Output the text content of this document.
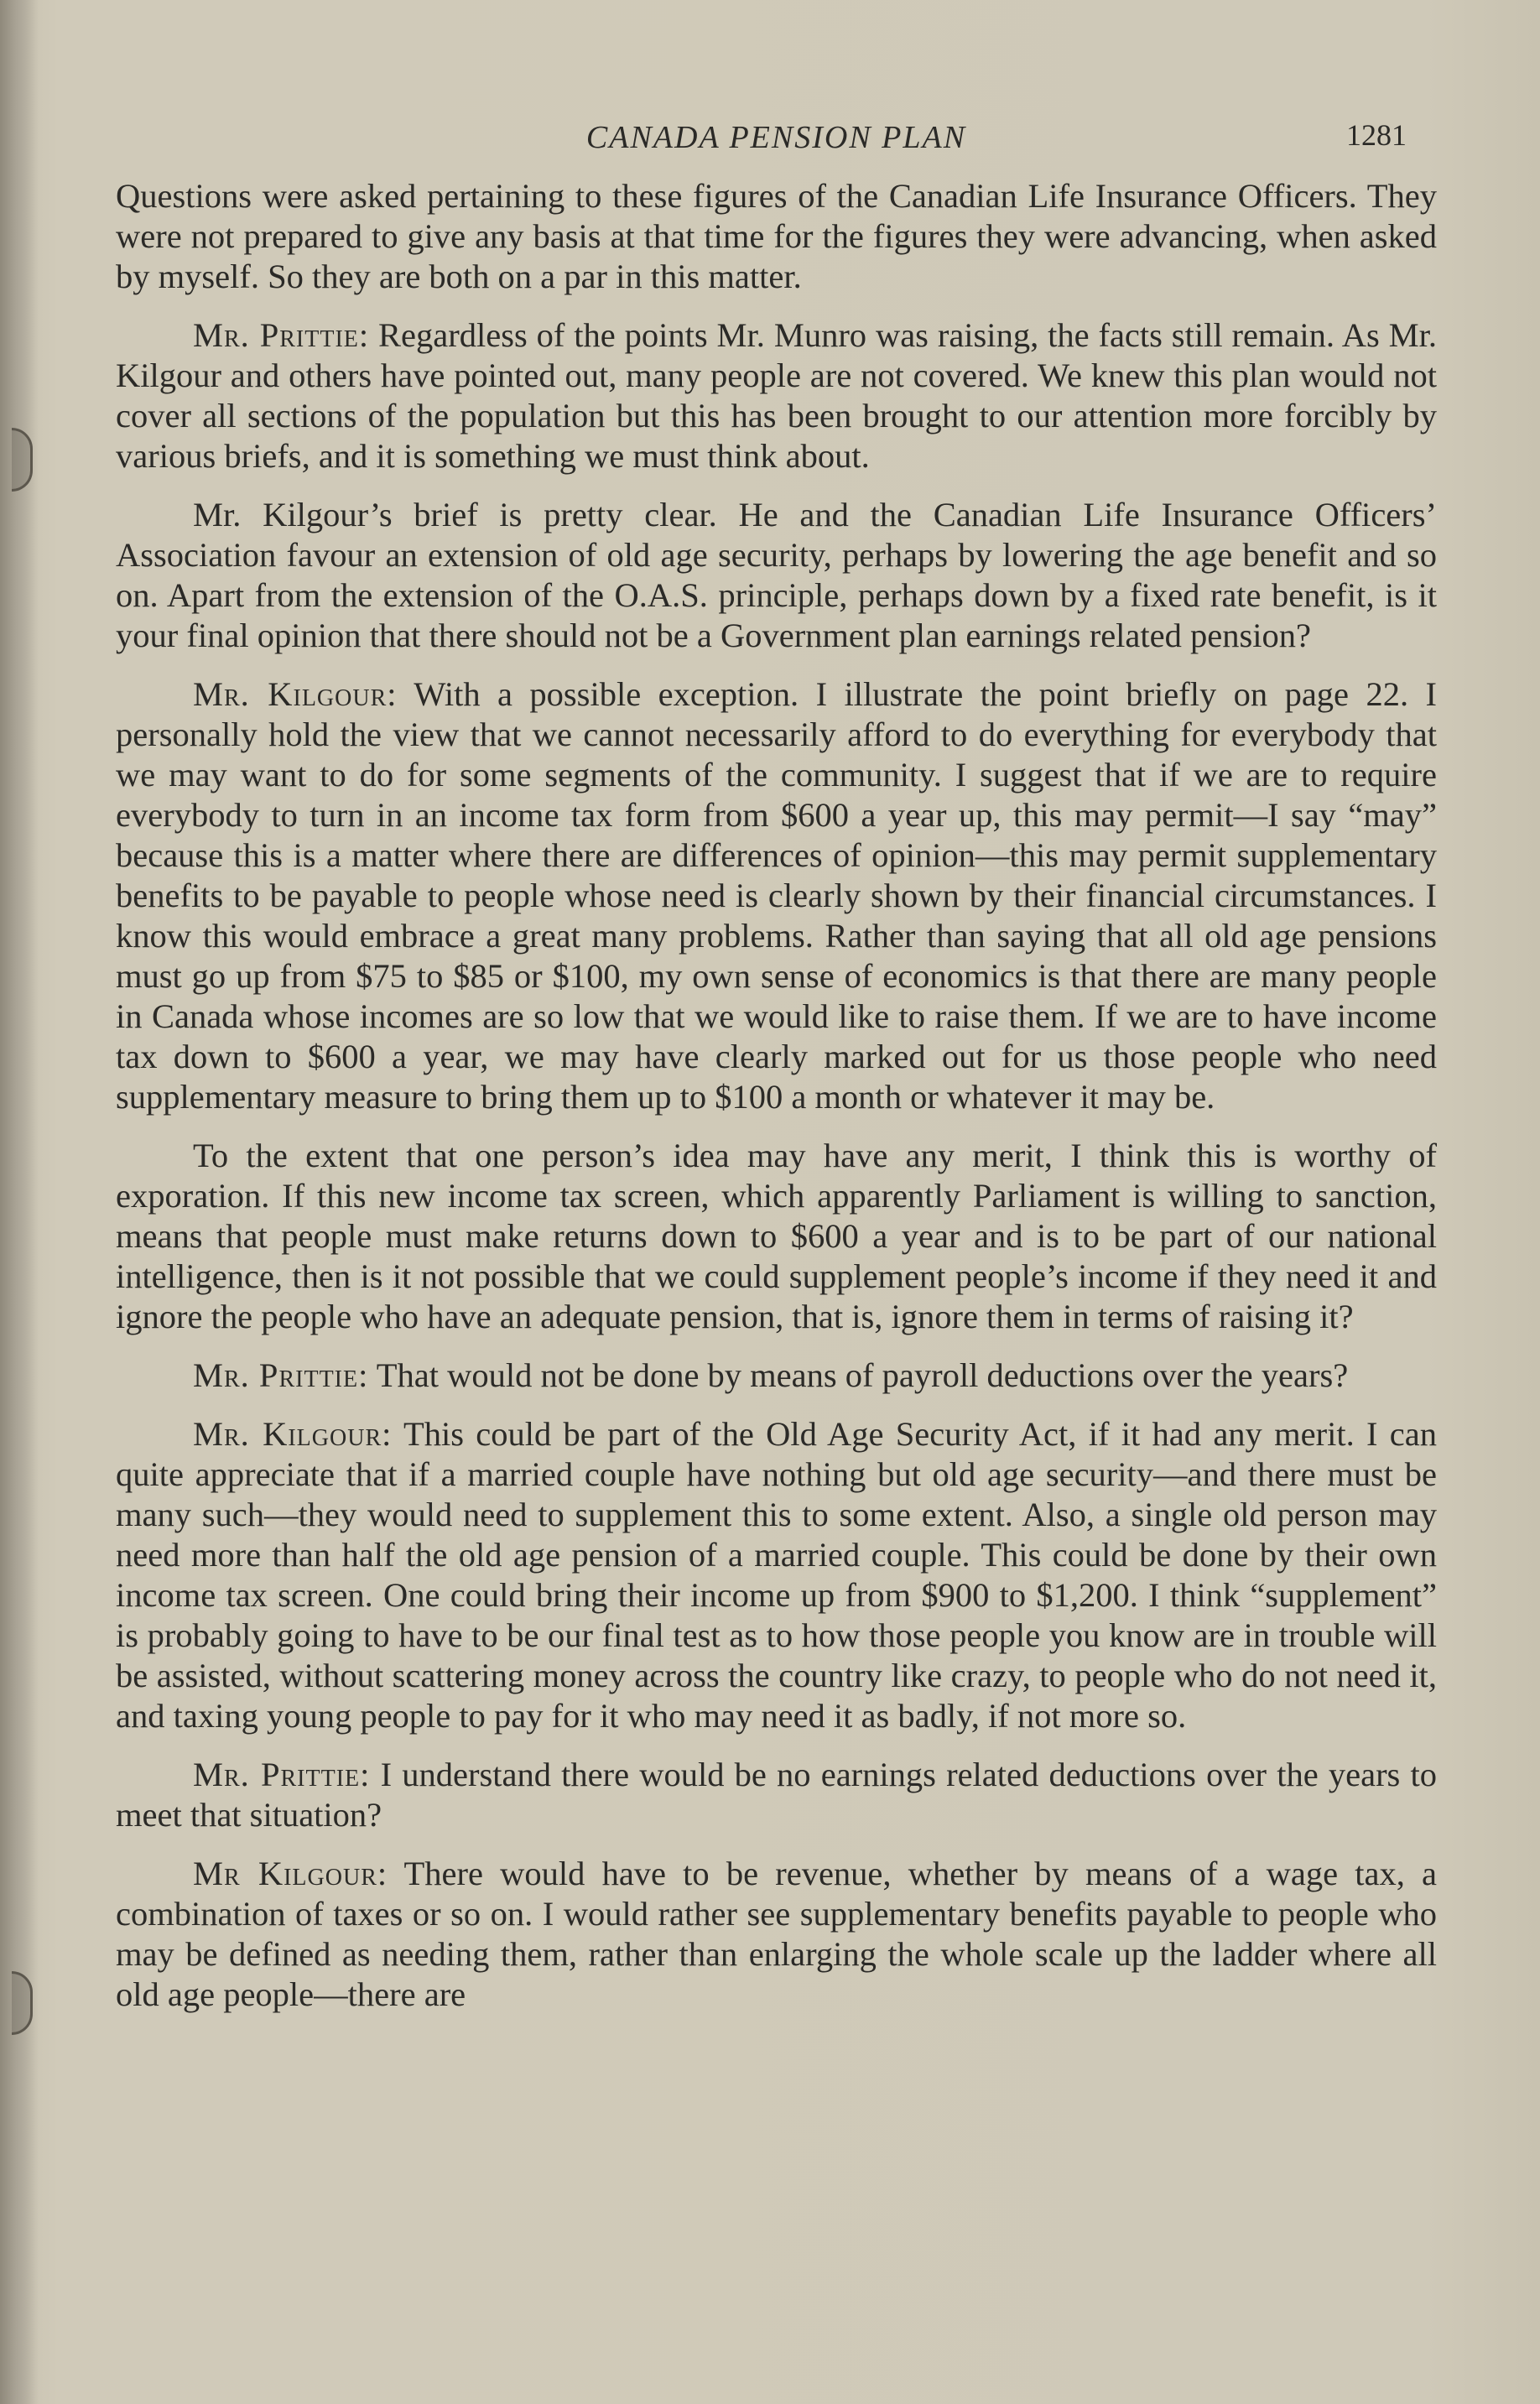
CANADA PENSION PLAN	1281

Questions were asked pertaining to these figures of the Canadian Life Insurance Officers. They were not prepared to give any basis at that time for the figures they were advancing, when asked by myself. So they are both on a par in this matter.

Mr. Prittie: Regardless of the points Mr. Munro was raising, the facts still remain. As Mr. Kilgour and others have pointed out, many people are not covered. We knew this plan would not cover all sections of the population but this has been brought to our attention more forcibly by various briefs, and it is something we must think about.

Mr. Kilgour’s brief is pretty clear. He and the Canadian Life Insurance Officers’ Association favour an extension of old age security, perhaps by lowering the age benefit and so on. Apart from the extension of the O.A.S. principle, perhaps down by a fixed rate benefit, is it your final opinion that there should not be a Government plan earnings related pension?

Mr. Kilgour: With a possible exception. I illustrate the point briefly on page 22. I personally hold the view that we cannot necessarily afford to do everything for everybody that we may want to do for some segments of the community. I suggest that if we are to require everybody to turn in an income tax form from $600 a year up, this may permit—I say “may” because this is a matter where there are differences of opinion—this may permit supplementary benefits to be payable to people whose need is clearly shown by their financial circumstances. I know this would embrace a great many problems. Rather than saying that all old age pensions must go up from $75 to $85 or $100, my own sense of economics is that there are many people in Canada whose incomes are so low that we would like to raise them. If we are to have income tax down to $600 a year, we may have clearly marked out for us those people who need supplementary measure to bring them up to $100 a month or whatever it may be.

To the extent that one person’s idea may have any merit, I think this is worthy of exporation. If this new income tax screen, which apparently Parliament is willing to sanction, means that people must make returns down to $600 a year and is to be part of our national intelligence, then is it not possible that we could supplement people’s income if they need it and ignore the people who have an adequate pension, that is, ignore them in terms of raising it?

Mr. Prittie: That would not be done by means of payroll deductions over the years?

Mr. Kilgour: This could be part of the Old Age Security Act, if it had any merit. I can quite appreciate that if a married couple have nothing but old age security—and there must be many such—they would need to supplement this to some extent. Also, a single old person may need more than half the old age pension of a married couple. This could be done by their own income tax screen. One could bring their income up from $900 to $1,200. I think “supplement” is probably going to have to be our final test as to how those people you know are in trouble will be assisted, without scattering money across the country like crazy, to people who do not need it, and taxing young people to pay for it who may need it as badly, if not more so.

Mr. Prittie: I understand there would be no earnings related deductions over the years to meet that situation?

Mr Kilgour: There would have to be revenue, whether by means of a wage tax, a combination of taxes or so on. I would rather see supplementary benefits payable to people who may be defined as needing them, rather than enlarging the whole scale up the ladder where all old age people—there are
